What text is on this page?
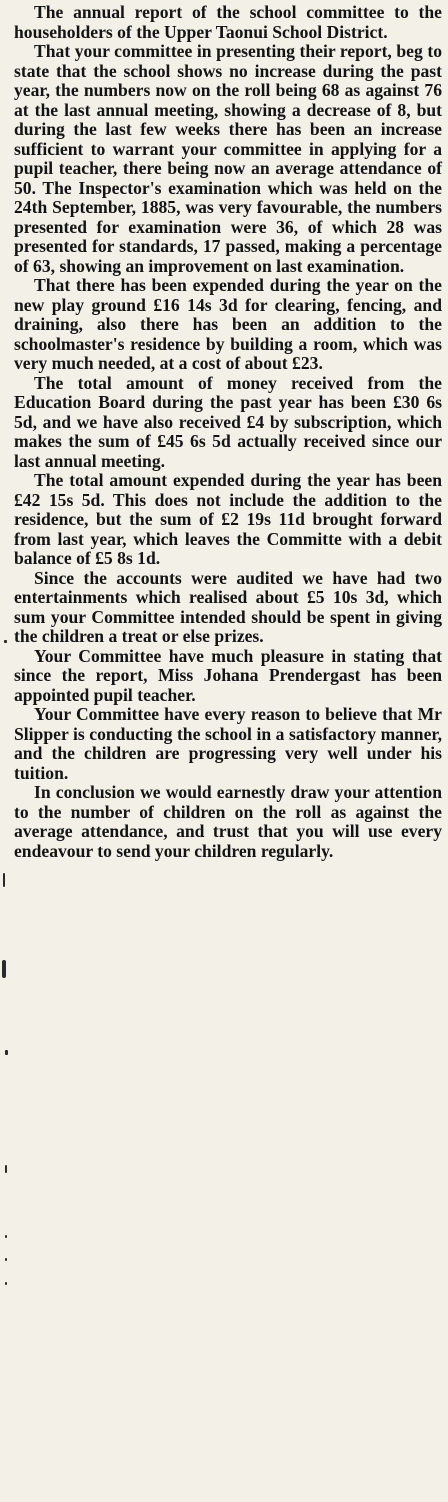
The annual report of the school committee to the householders of the Upper Taonui School District.

That your committee in presenting their report, beg to state that the school shows no increase during the past year, the numbers now on the roll being 68 as against 76 at the last annual meeting, showing a decrease of 8, but during the last few weeks there has been an increase sufficient to warrant your committee in applying for a pupil teacher, there being now an average attendance of 50. The Inspector's examination which was held on the 24th September, 1885, was very favourable, the numbers presented for examination were 36, of which 28 was presented for standards, 17 passed, making a percentage of 63, showing an improvement on last examination.

That there has been expended during the year on the new play ground £16 14s 3d for clearing, fencing, and draining, also there has been an addition to the schoolmaster's residence by building a room, which was very much needed, at a cost of about £23.

The total amount of money received from the Education Board during the past year has been £30 6s 5d, and we have also received £4 by subscription, which makes the sum of £45 6s 5d actually received since our last annual meeting.

The total amount expended during the year has been £42 15s 5d. This does not include the addition to the residence, but the sum of £2 19s 11d brought forward from last year, which leaves the Committe with a debit balance of £5 8s 1d.

Since the accounts were audited we have had two entertainments which realised about £5 10s 3d, which sum your Committee intended should be spent in giving the children a treat or else prizes.

Your Committee have much pleasure in stating that since the report, Miss Johana Prendergast has been appointed pupil teacher.

Your Committee have every reason to believe that Mr Slipper is conducting the school in a satisfactory manner, and the children are progressing very well under his tuition.

In conclusion we would earnestly draw your attention to the number of children on the roll as against the average attendance, and trust that you will use every endeavour to send your children regularly.
